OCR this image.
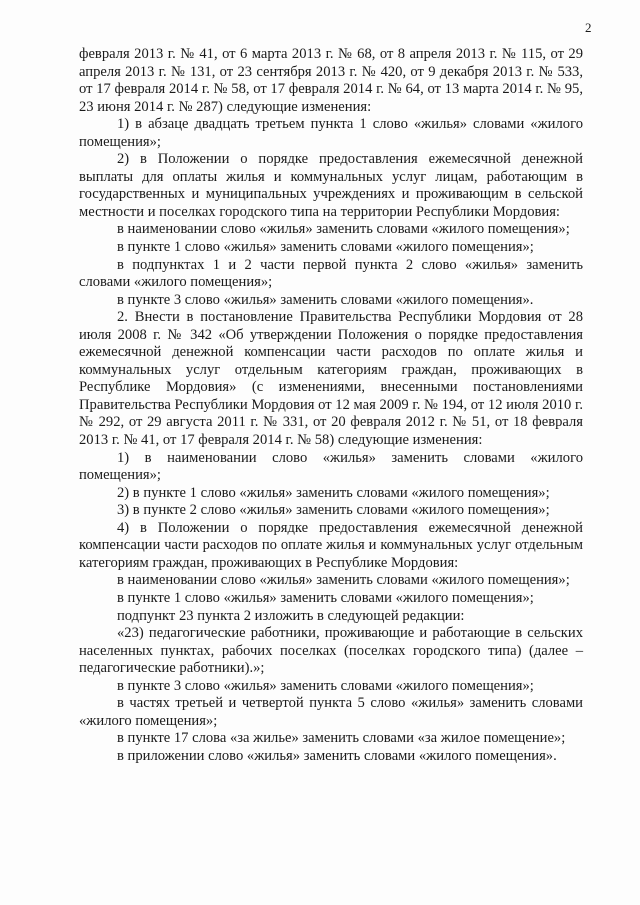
2

февраля 2013 г. № 41, от 6 марта 2013 г. № 68, от 8 апреля 2013 г. № 115, от 29 апреля 2013 г. № 131, от 23 сентября 2013 г. № 420, от 9 декабря 2013 г. № 533, от 17 февраля 2014 г. № 58, от 17 февраля 2014 г. № 64, от 13 марта 2014 г. № 95, 23 июня 2014 г. № 287) следующие изменения:

1) в абзаце двадцать третьем пункта 1 слово «жилья» словами «жилого помещения»;

2) в Положении о порядке предоставления ежемесячной денежной выплаты для оплаты жилья и коммунальных услуг лицам, работающим в государственных и муниципальных учреждениях и проживающим в сельской местности и поселках городского типа на территории Республики Мордовия:

в наименовании слово «жилья» заменить словами «жилого помещения»;

в пункте 1 слово «жилья» заменить словами «жилого помещения»;

в подпунктах 1 и 2 части первой пункта 2 слово «жилья» заменить словами «жилого помещения»;

в пункте 3 слово «жилья» заменить словами «жилого помещения».

2. Внести в постановление Правительства Республики Мордовия от 28 июля 2008 г. № 342 «Об утверждении Положения о порядке предоставления ежемесячной денежной компенсации части расходов по оплате жилья и коммунальных услуг отдельным категориям граждан, проживающих в Республике Мордовия» (с изменениями, внесенными постановлениями Правительства Республики Мордовия от 12 мая 2009 г. № 194, от 12 июля 2010 г. № 292, от 29 августа 2011 г. № 331, от 20 февраля 2012 г. № 51, от 18 февраля 2013 г. № 41, от 17 февраля 2014 г. № 58) следующие изменения:

1) в наименовании слово «жилья» заменить словами «жилого помещения»;

2) в пункте 1 слово «жилья» заменить словами «жилого помещения»;

3) в пункте 2 слово «жилья» заменить словами «жилого помещения»;

4) в Положении о порядке предоставления ежемесячной денежной компенсации части расходов по оплате жилья и коммунальных услуг отдельным категориям граждан, проживающих в Республике Мордовия:

в наименовании слово «жилья» заменить словами «жилого помещения»;

в пункте 1 слово «жилья» заменить словами «жилого помещения»;

подпункт 23 пункта 2 изложить в следующей редакции:

«23) педагогические работники, проживающие и работающие в сельских населенных пунктах, рабочих поселках (поселках городского типа) (далее – педагогические работники).»;

в пункте 3 слово «жилья» заменить словами «жилого помещения»;

в частях третьей и четвертой пункта 5 слово «жилья» заменить словами «жилого помещения»;

в пункте 17 слова «за жилье» заменить словами «за жилое помещение»;

в приложении слово «жилья» заменить словами «жилого помещения».
